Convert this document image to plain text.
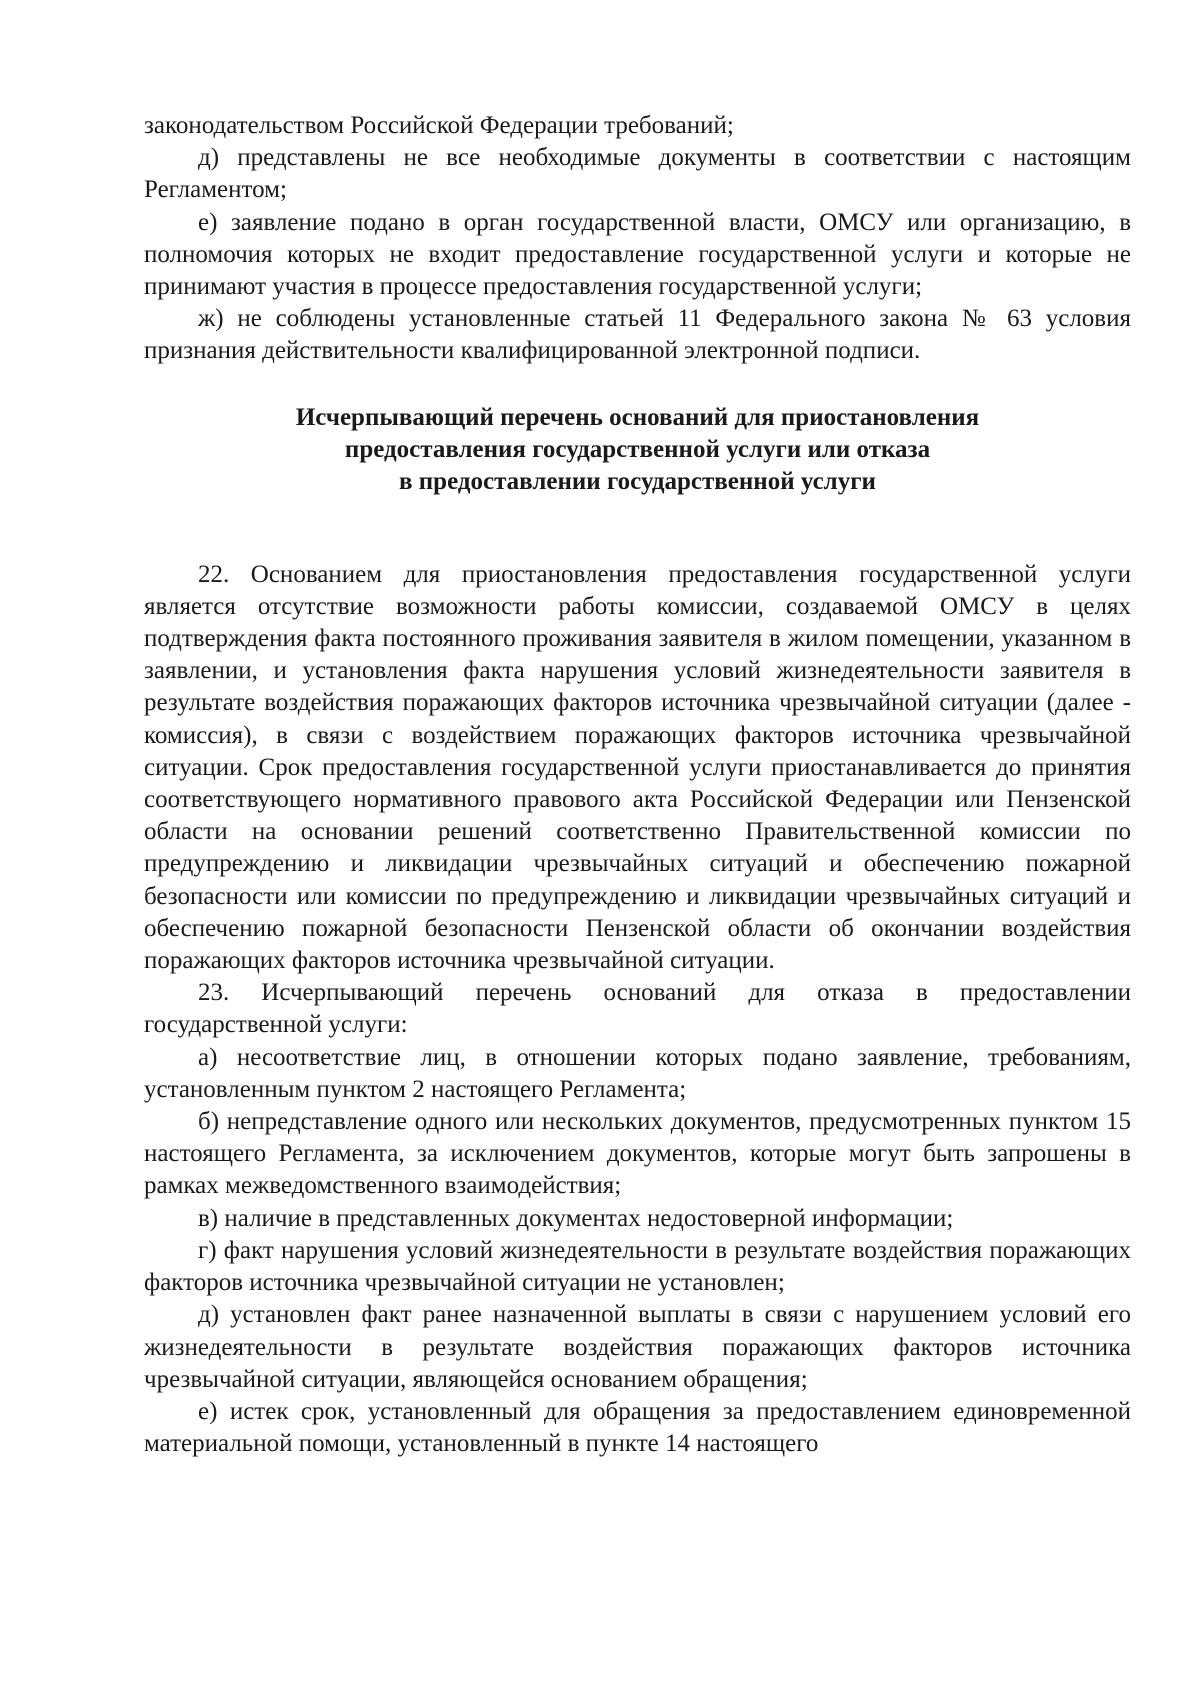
законодательством Российской Федерации требований;

д) представлены не все необходимые документы в соответствии с настоящим Регламентом;

е) заявление подано в орган государственной власти, ОМСУ или организацию, в полномочия которых не входит предоставление государственной услуги и которые не принимают участия в процессе предоставления государственной услуги;

ж) не соблюдены установленные статьей 11 Федерального закона № 63 условия признания действительности квалифицированной электронной подписи.

Исчерпывающий перечень оснований для приостановления
предоставления государственной услуги или отказа
в предоставлении государственной услуги

22. Основанием для приостановления предоставления государственной услуги является отсутствие возможности работы комиссии, создаваемой ОМСУ в целях подтверждения факта постоянного проживания заявителя в жилом помещении, указанном в заявлении, и установления факта нарушения условий жизнедеятельности заявителя в результате воздействия поражающих факторов источника чрезвычайной ситуации (далее - комиссия), в связи с воздействием поражающих факторов источника чрезвычайной ситуации. Срок предоставления государственной услуги приостанавливается до принятия соответствующего нормативного правового акта Российской Федерации или Пензенской области на основании решений соответственно Правительственной комиссии по предупреждению и ликвидации чрезвычайных ситуаций и обеспечению пожарной безопасности или комиссии по предупреждению и ликвидации чрезвычайных ситуаций и обеспечению пожарной безопасности Пензенской области об окончании воздействия поражающих факторов источника чрезвычайной ситуации.

23. Исчерпывающий перечень оснований для отказа в предоставлении государственной услуги:

а) несоответствие лиц, в отношении которых подано заявление, требованиям, установленным пунктом 2 настоящего Регламента;

б) непредставление одного или нескольких документов, предусмотренных пунктом 15 настоящего Регламента, за исключением документов, которые могут быть запрошены в рамках межведомственного взаимодействия;

в) наличие в представленных документах недостоверной информации;

г) факт нарушения условий жизнедеятельности в результате воздействия поражающих факторов источника чрезвычайной ситуации не установлен;

д) установлен факт ранее назначенной выплаты в связи с нарушением условий его жизнедеятельности в результате воздействия поражающих факторов источника чрезвычайной ситуации, являющейся основанием обращения;

е) истек срок, установленный для обращения за предоставлением единовременной материальной помощи, установленный в пункте 14 настоящего
